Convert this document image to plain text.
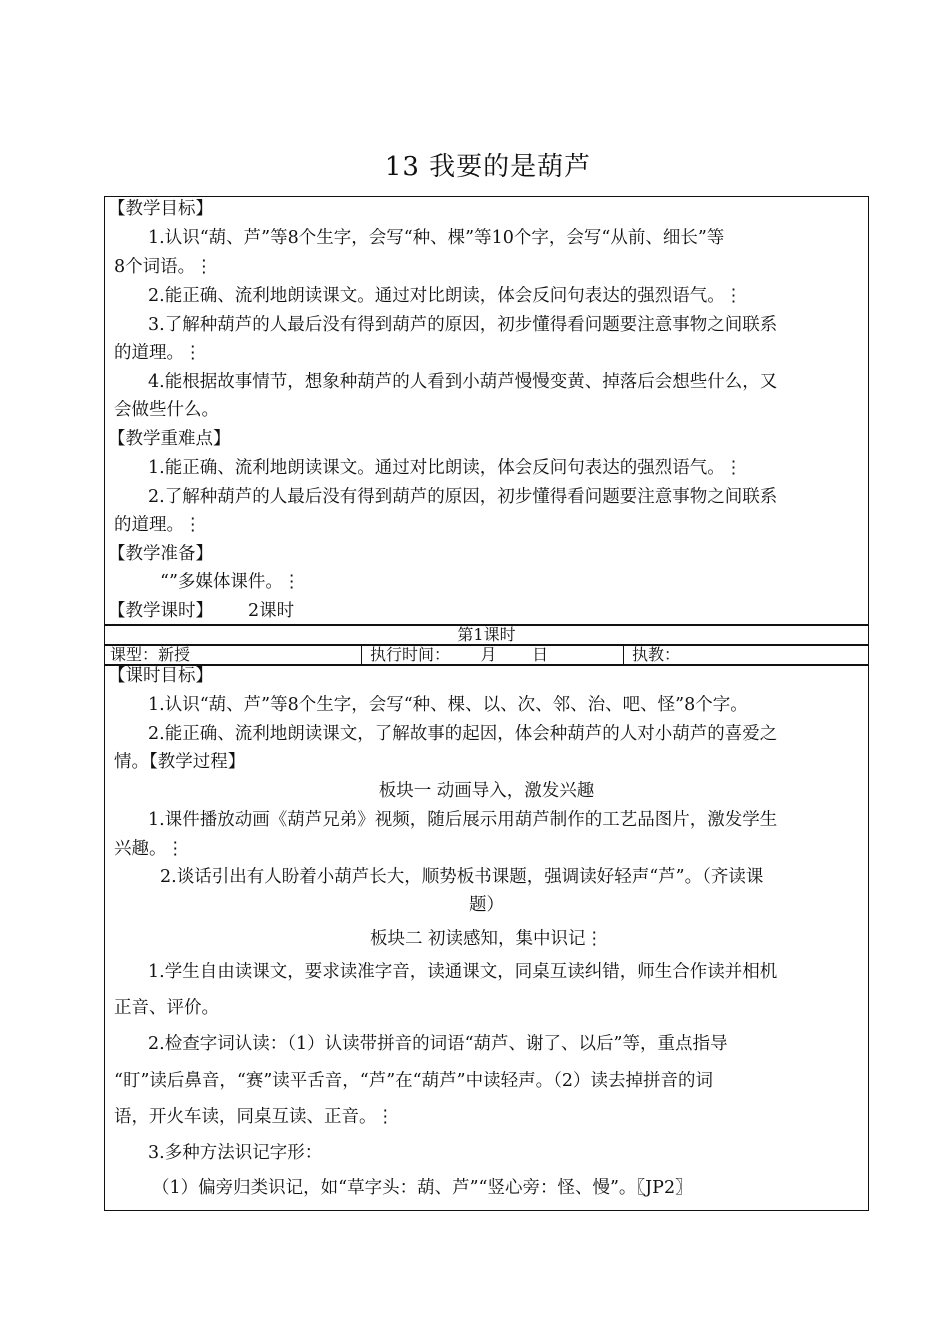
13 我要的是葫芦
【教学目标】
1.认识“葫、芦”等8个生字，会写“种、棵”等10个字，会写“从前、细长”等
8个词语。⋮
2.能正确、流利地朗读课文。通过对比朗读，体会反问句表达的强烈语气。⋮
3.了解种葫芦的人最后没有得到葫芦的原因，初步懂得看问题要注意事物之间联系
的道理。⋮
4.能根据故事情节，想象种葫芦的人看到小葫芦慢慢变黄、掉落后会想些什么，又
会做些什么。
【教学重难点】
1.能正确、流利地朗读课文。通过对比朗读，体会反问句表达的强烈语气。⋮
2.了解种葫芦的人最后没有得到葫芦的原因，初步懂得看问题要注意事物之间联系
的道理。⋮
【教学准备】
“”多媒体课件。⋮
【教学课时】 2课时
第1课时
课型：新授	执行时间：      月       日	执教：
【课时目标】
1.认识“葫、芦”等8个生字，会写“种、棵、以、次、邻、治、吧、怪”8个字。
2.能正确、流利地朗读课文，了解故事的起因，体会种葫芦的人对小葫芦的喜爱之
情。【教学过程】
板块一 动画导入，激发兴趣
1.课件播放动画《葫芦兄弟》视频，随后展示用葫芦制作的工艺品图片，激发学生
兴趣。⋮
2.谈话引出有人盼着小葫芦长大，顺势板书课题，强调读好轻声“芦”。（齐读课
题）
板块二 初读感知，集中识记⋮
1.学生自由读课文，要求读准字音，读通课文，同桌互读纠错，师生合作读并相机
正音、评价。
2.检查字词认读：（1）认读带拼音的词语“葫芦、谢了、以后”等，重点指导
“盯”读后鼻音，“赛”读平舌音，“芦”在“葫芦”中读轻声。（2）读去掉拼音的词
语，开火车读，同桌互读、正音。⋮
3.多种方法识记字形：
（1）偏旁归类识记，如“草字头：葫、芦”“竖心旁：怪、慢”。〖JP2〗
